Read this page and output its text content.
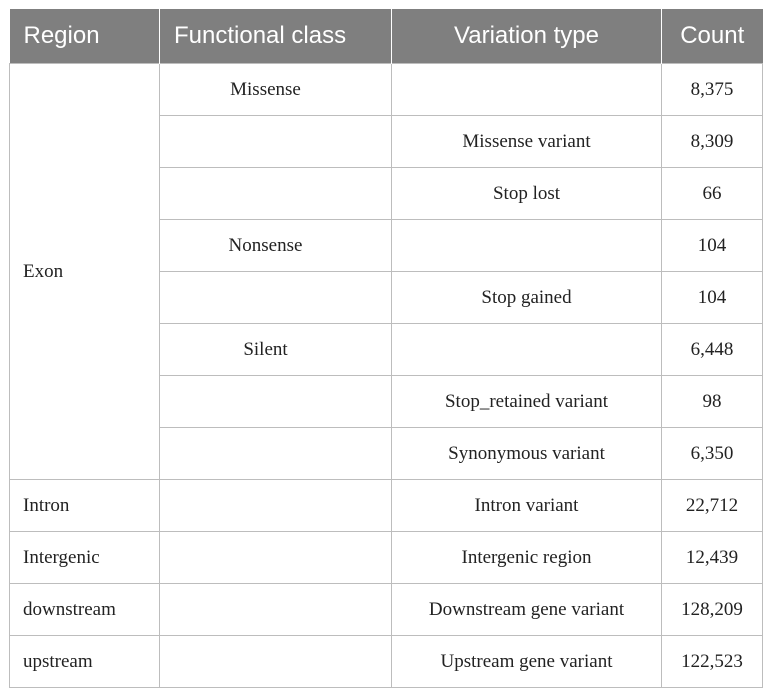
Region	Functional class	Variation type	Count
Exon	Missense		8,375
		Missense variant	8,309
		Stop lost	66
	Nonsense		104
		Stop gained	104
	Silent		6,448
		Stop_retained variant	98
		Synonymous variant	6,350
Intron		Intron variant	22,712
Intergenic		Intergenic region	12,439
downstream		Downstream gene variant	128,209
upstream		Upstream gene variant	122,523
